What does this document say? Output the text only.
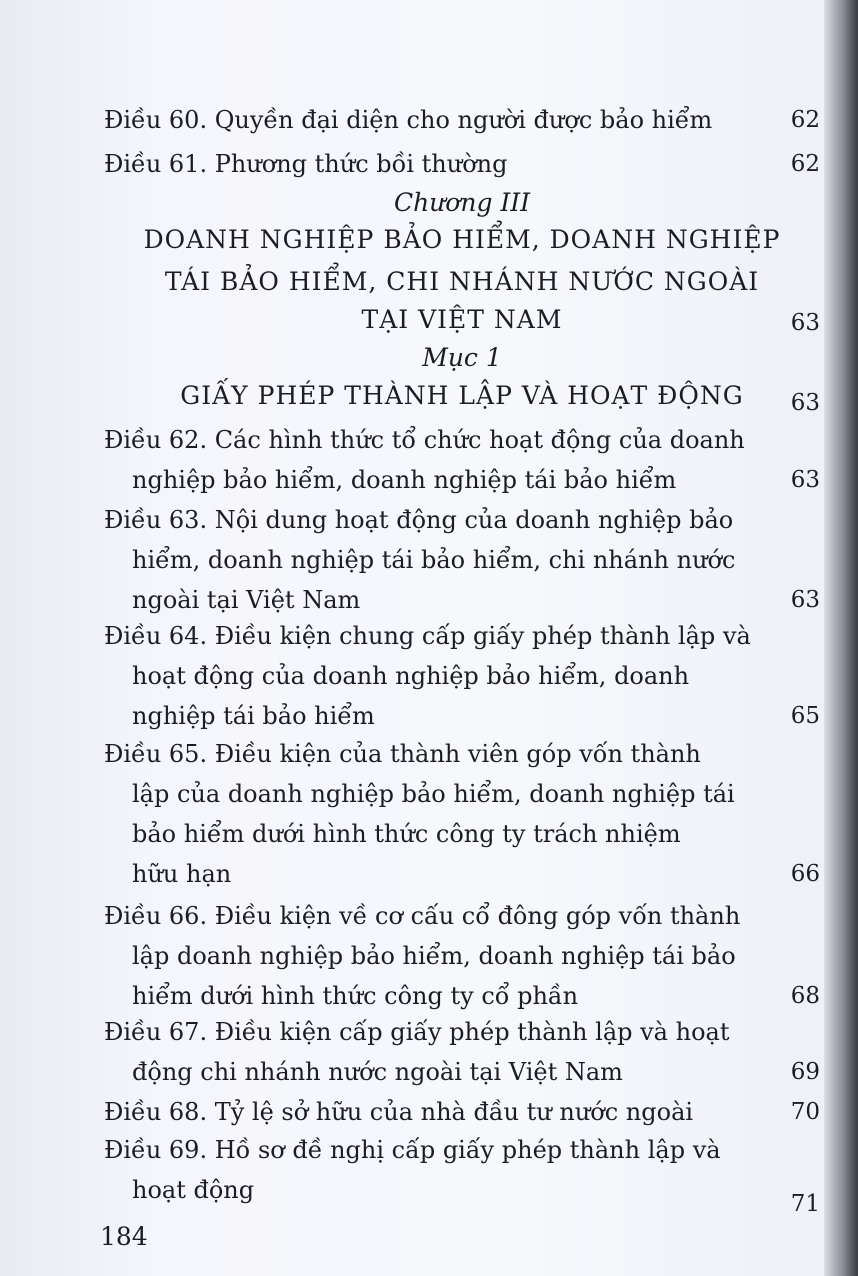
Điều 60. Quyền đại diện cho người được bảo hiểm	62
Điều 61. Phương thức bồi thường	62
Chương III
DOANH NGHIỆP BẢO HIỂM, DOANH NGHIỆP
TÁI BẢO HIỂM, CHI NHÁNH NƯỚC NGOÀI
TẠI VIỆT NAM	63
Mục 1
GIẤY PHÉP THÀNH LẬP VÀ HOẠT ĐỘNG	63
Điều 62. Các hình thức tổ chức hoạt động của doanh
nghiệp bảo hiểm, doanh nghiệp tái bảo hiểm	63
Điều 63. Nội dung hoạt động của doanh nghiệp bảo
hiểm, doanh nghiệp tái bảo hiểm, chi nhánh nước
ngoài tại Việt Nam	63
Điều 64. Điều kiện chung cấp giấy phép thành lập và
hoạt động của doanh nghiệp bảo hiểm, doanh
nghiệp tái bảo hiểm	65
Điều 65. Điều kiện của thành viên góp vốn thành
lập của doanh nghiệp bảo hiểm, doanh nghiệp tái
bảo hiểm dưới hình thức công ty trách nhiệm
hữu hạn	66
Điều 66. Điều kiện về cơ cấu cổ đông góp vốn thành
lập doanh nghiệp bảo hiểm, doanh nghiệp tái bảo
hiểm dưới hình thức công ty cổ phần	68
Điều 67. Điều kiện cấp giấy phép thành lập và hoạt
động chi nhánh nước ngoài tại Việt Nam	69
Điều 68. Tỷ lệ sở hữu của nhà đầu tư nước ngoài	70
Điều 69. Hồ sơ đề nghị cấp giấy phép thành lập và
hoạt động	71
184
